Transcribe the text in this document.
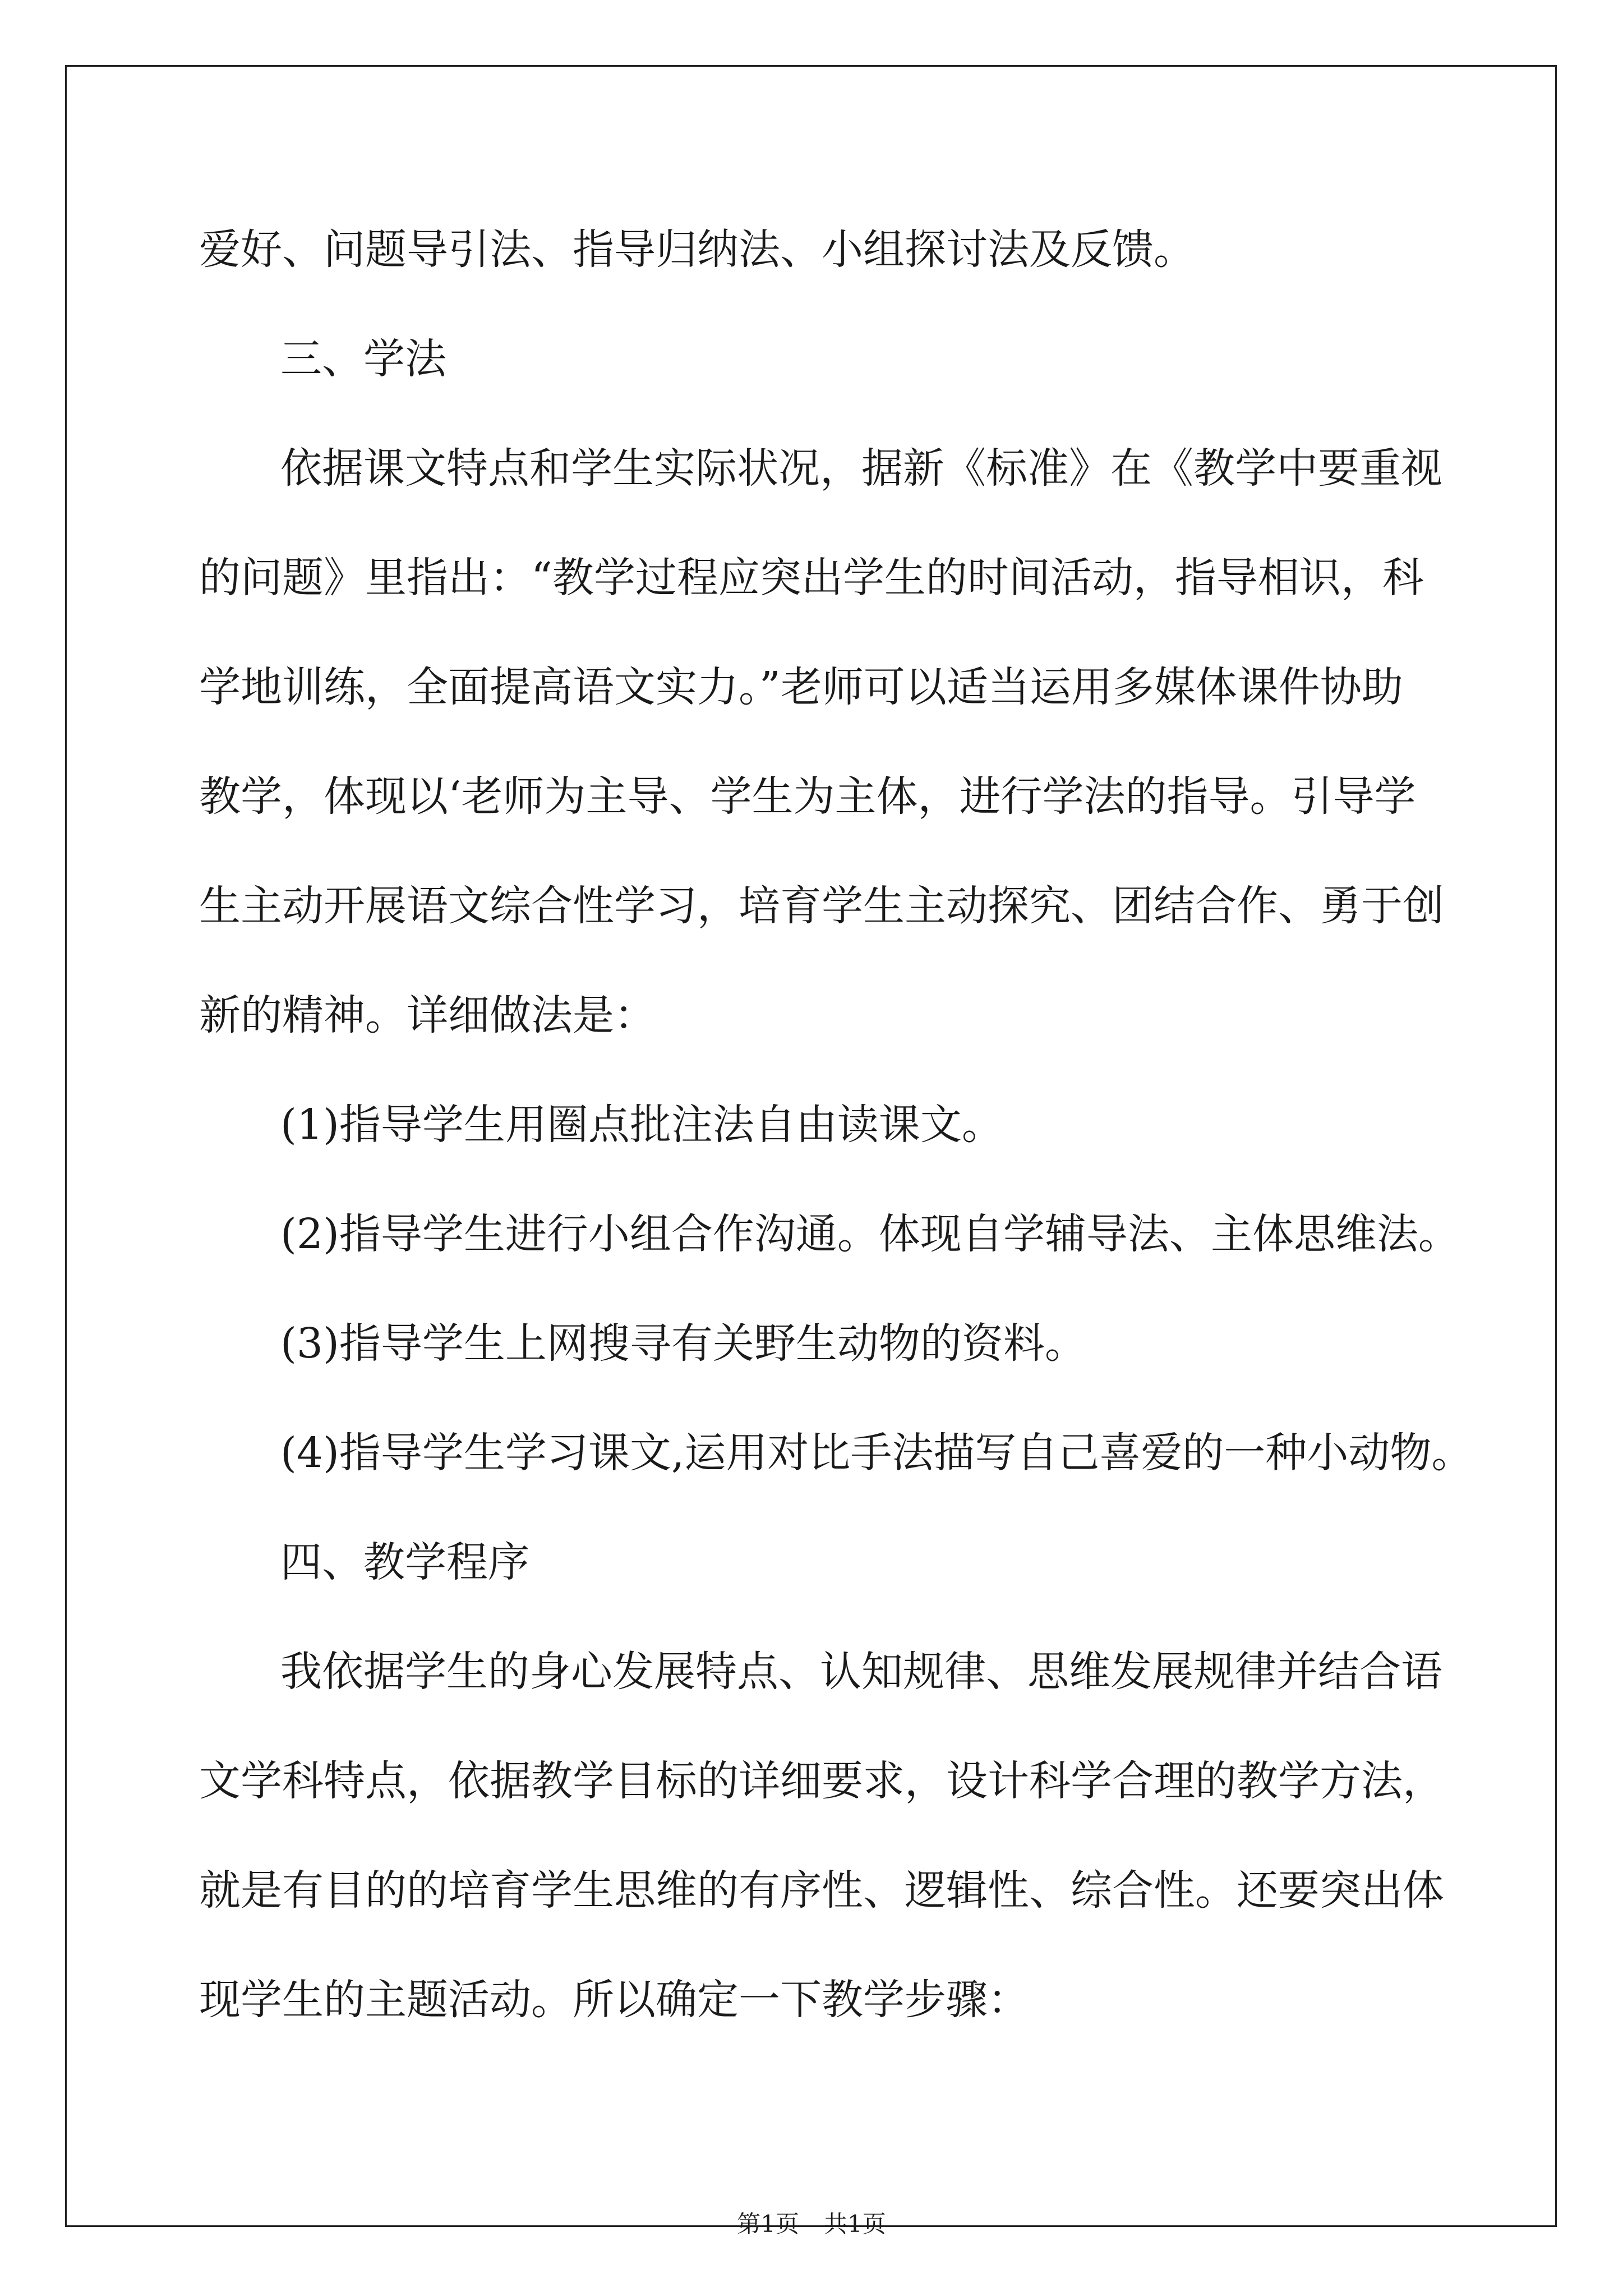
爱好、问题导引法、指导归纳法、小组探讨法及反馈。

三、学法

依据课文特点和学生实际状况，据新《标准》在《教学中要重视

的问题》里指出：“教学过程应突出学生的时间活动，指导相识，科

学地训练，全面提高语文实力。”老师可以适当运用多媒体课件协助

教学，体现以‘老师为主导、学生为主体，进行学法的指导。引导学

生主动开展语文综合性学习，培育学生主动探究、团结合作、勇于创

新的精神。详细做法是：

(1)指导学生用圈点批注法自由读课文。

(2)指导学生进行小组合作沟通。体现自学辅导法、主体思维法。

(3)指导学生上网搜寻有关野生动物的资料。

(4)指导学生学习课文,运用对比手法描写自己喜爱的一种小动物。

四、教学程序

我依据学生的身心发展特点、认知规律、思维发展规律并结合语

文学科特点，依据教学目标的详细要求，设计科学合理的教学方法，

就是有目的的培育学生思维的有序性、逻辑性、综合性。还要突出体

现学生的主题活动。所以确定一下教学步骤：

第1页 共1页
